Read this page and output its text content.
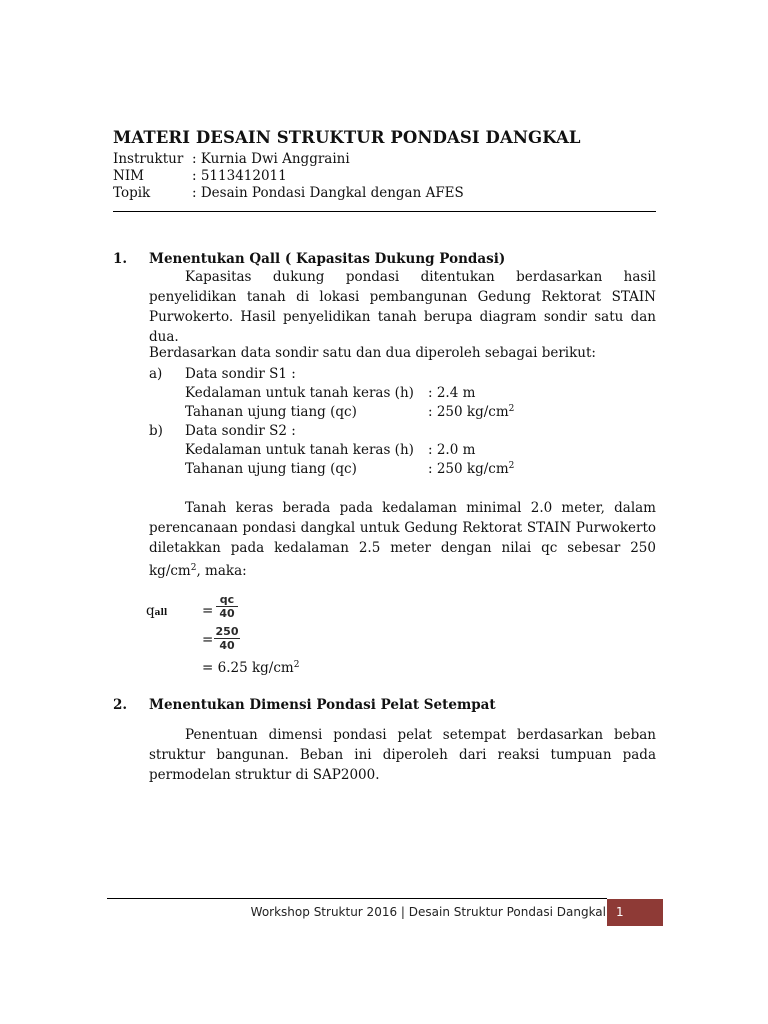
MATERI DESAIN STRUKTUR PONDASI DANGKAL
Instruktur : Kurnia Dwi Anggraini
NIM	: 5113412011
Topik	: Desain Pondasi Dangkal dengan AFES
1. Menentukan Qall ( Kapasitas Dukung Pondasi)

Kapasitas dukung pondasi ditentukan berdasarkan hasil penyelidikan tanah di lokasi pembangunan Gedung Rektorat STAIN Purwokerto. Hasil penyelidikan tanah berupa diagram sondir satu dan dua.

Berdasarkan data sondir satu dan dua diperoleh sebagai berikut:
a) Data sondir S1 :
Kedalaman untuk tanah keras (h) : 2.4 m
Tahanan ujung tiang (qc)	: 250 $kg/cm^2$
b) Data sondir S2 :
Kedalaman untuk tanah keras (h) : 2.0 m
Tahanan ujung tiang (qc)	: 250 $kg/cm^2$

Tanah keras berada pada kedalaman minimal 2.0 meter, dalam perencanaan pondasi dangkal untuk Gedung Rektorat STAIN Purwokerto diletakkan pada kedalaman 2.5 meter dengan nilai qc sebesar 250 $kg/cm^2$, maka:

qall	= $\frac{qc}{40}$
= $\frac{250}{40}$
= 6.25 $kg/cm^2$
2. Menentukan Dimensi Pondasi Pelat Setempat

Penentuan dimensi pondasi pelat setempat berdasarkan beban struktur bangunan. Beban ini diperoleh dari reaksi tumpuan pada permodelan struktur di SAP2000.

Workshop Struktur 2016 | Desain Struktur Pondasi Dangkal 1
